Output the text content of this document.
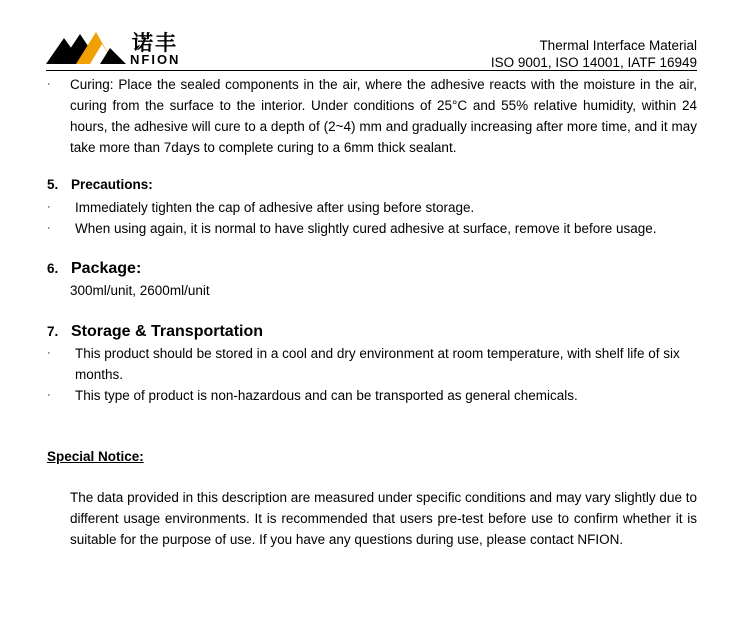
诺丰
NFION
Thermal Interface Material
ISO 9001, ISO 14001, IATF 16949
· Curing: Place the sealed components in the air, where the adhesive reacts with the moisture in the air, curing from the surface to the interior. Under conditions of 25°C and 55% relative humidity, within 24 hours, the adhesive will cure to a depth of (2~4) mm and gradually increasing after more time, and it may take more than 7days to complete curing to a 6mm thick sealant.
5. Precautions:
· Immediately tighten the cap of adhesive after using before storage.
· When using again, it is normal to have slightly cured adhesive at surface, remove it before usage.
6. Package:
300ml/unit, 2600ml/unit
7. Storage & Transportation
· This product should be stored in a cool and dry environment at room temperature, with shelf life of six months.
· This type of product is non-hazardous and can be transported as general chemicals.
Special Notice:
The data provided in this description are measured under specific conditions and may vary slightly due to different usage environments. It is recommended that users pre-test before use to confirm whether it is suitable for the purpose of use. If you have any questions during use, please contact NFION.
